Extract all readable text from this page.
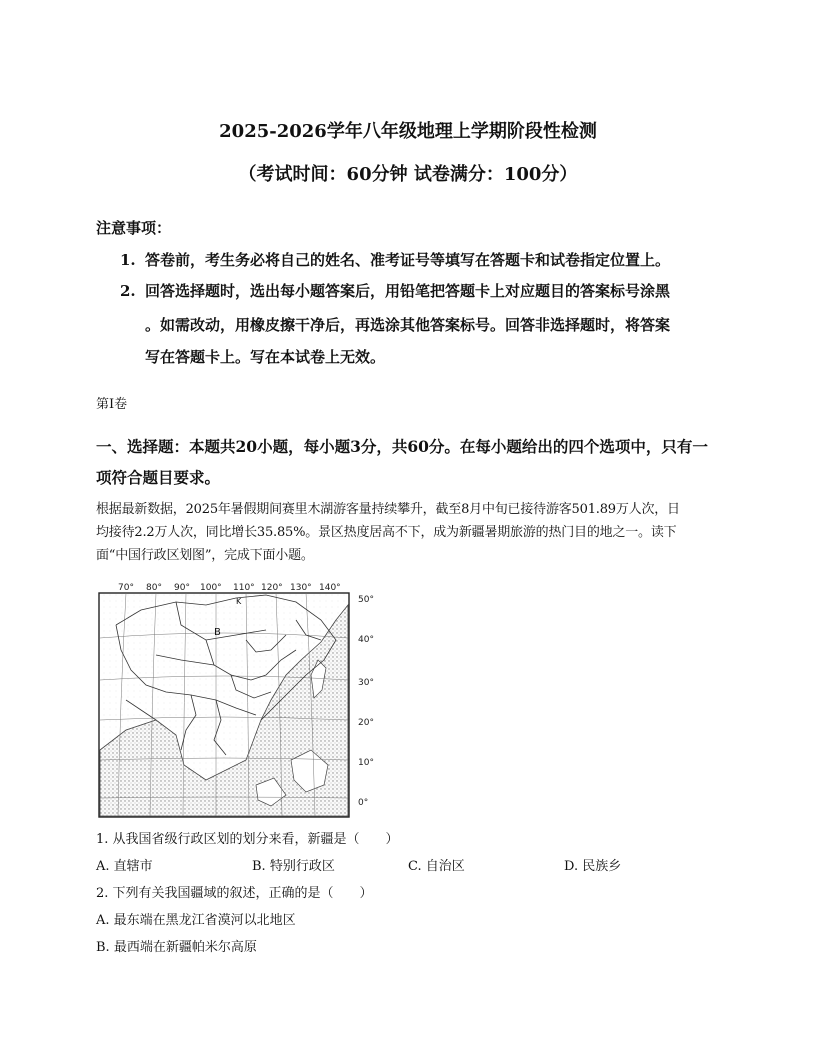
2025-2026学年八年级地理上学期阶段性检测
（考试时间：60分钟 试卷满分：100分）
注意事项：
1. 答卷前，考生务必将自己的姓名、准考证号等填写在答题卡和试卷指定位置上。
2. 回答选择题时，选出每小题答案后，用铅笔把答题卡上对应题目的答案标号涂黑
。如需改动，用橡皮擦干净后，再选涂其他答案标号。回答非选择题时，将答案
写在答题卡上。写在本试卷上无效。
第I卷
一、选择题：本题共20小题，每小题3分，共60分。在每小题给出的四个选项中，只有一
项符合题目要求。
根据最新数据，2025年暑假期间赛里木湖游客量持续攀升，截至8月中旬已接待游客501.89万人次，日
均接待2.2万人次，同比增长35.85%。景区热度居高不下，成为新疆暑期旅游的热门目的地之一。读下
面“中国行政区划图”，完成下面小题。
70° 80° 90° 100° 110° 120° 130° 140°
50°
40°
30°
20°
10°
0°
B
K
1. 从我国省级行政区划的划分来看，新疆是（　　）
A. 直辖市	B. 特别行政区	C. 自治区	D. 民族乡
2. 下列有关我国疆域的叙述，正确的是（　　）
A. 最东端在黑龙江省漠河以北地区
B. 最西端在新疆帕米尔高原
